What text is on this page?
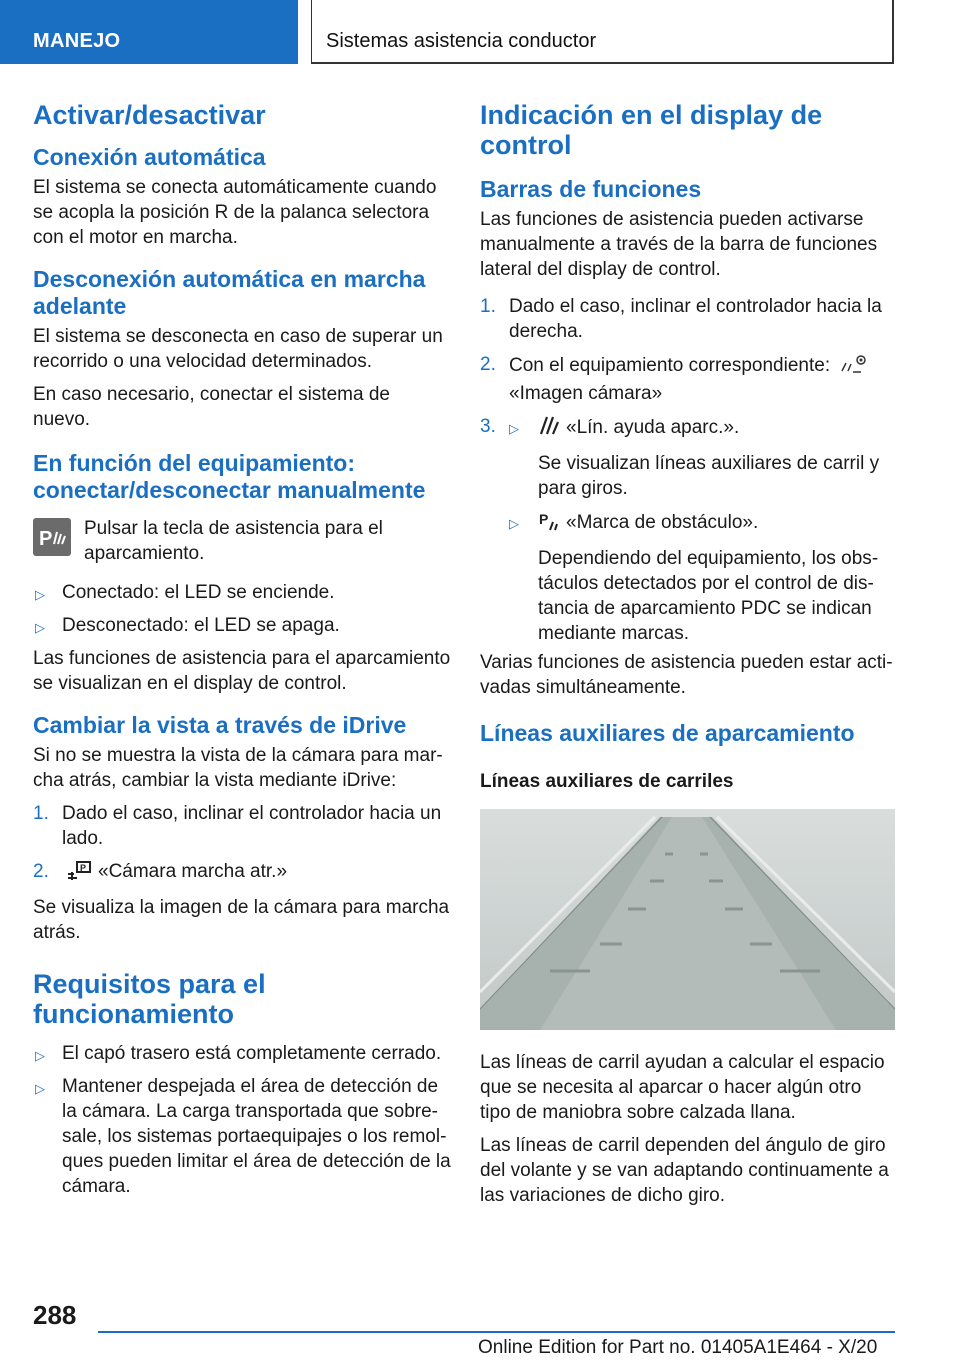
MANEJO	Sistemas asistencia conductor
Activar/desactivar
Conexión automática

El sistema se conecta automáticamente cuando se acopla la posición R de la palanca selectora con el motor en marcha.

Desconexión automática en marcha adelante

El sistema se desconecta en caso de superar un recorrido o una velocidad determinados.

En caso necesario, conectar el sistema de nuevo.

En función del equipamiento: conectar/desconectar manualmente
P Pulsar la tecla de asistencia para el aparcamiento.

▷ Conectado: el LED se enciende.
▷ Desconectado: el LED se apaga.

Las funciones de asistencia para el aparcamiento se visualizan en el display de control.

Cambiar la vista a través de iDrive

Si no se muestra la vista de la cámara para marcha atrás, cambiar la vista mediante iDrive:

1. Dado el caso, inclinar el controlador hacia un lado.
2.	P «Cámara marcha atr.»

Se visualiza la imagen de la cámara para marcha atrás.

Requisitos para el funcionamiento
▷ El capó trasero está completamente cerrado.
▷ Mantener despejada el área de detección de la cámara. La carga transportada que sobresale, los sistemas portaequipajes o los remolques pueden limitar el área de detección de la cámara.
Indicación en el display de control
Barras de funciones

Las funciones de asistencia pueden activarse manualmente a través de la barra de funciones lateral del display de control.

1. Dado el caso, inclinar el controlador hacia la derecha.
2. Con el equipamiento correspondiente:
«Imagen cámara»
3. ▷ «Lín. ayuda aparc.».
Se visualizan líneas auxiliares de carril y para giros.
▷ P «Marca de obstáculo».
Dependiendo del equipamiento, los obstáculos detectados por el control de distancia de aparcamiento PDC se indican mediante marcas.

Varias funciones de asistencia pueden estar activadas simultáneamente.

Líneas auxiliares de aparcamiento
Líneas auxiliares de carriles

Las líneas de carril ayudan a calcular el espacio que se necesita al aparcar o hacer algún otro tipo de maniobra sobre calzada llana.

Las líneas de carril dependen del ángulo de giro del volante y se van adaptando continuamente a las variaciones de dicho giro.

288
Online Edition for Part no. 01405A1E464 - X/20
